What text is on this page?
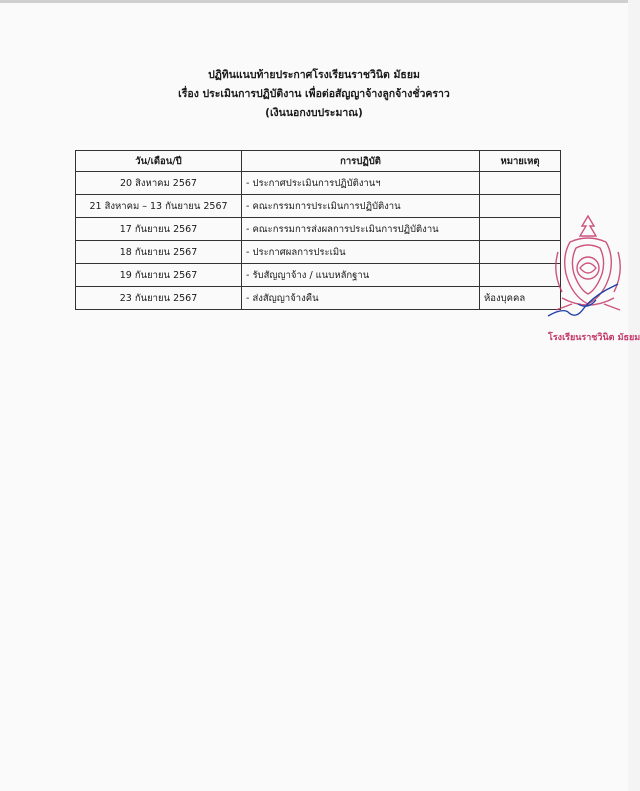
ปฏิทินแนบท้ายประกาศโรงเรียนราชวินิต มัธยม
เรื่อง ประเมินการปฏิบัติงาน เพื่อต่อสัญญาจ้างลูกจ้างชั่วคราว
(เงินนอกงบประมาณ)
วัน/เดือน/ปี	การปฏิบัติ	หมายเหตุ
20 สิงหาคม 2567	- ประกาศประเมินการปฏิบัติงานฯ	
21 สิงหาคม – 13 กันยายน 2567	- คณะกรรมการประเมินการปฏิบัติงาน	
17 กันยายน 2567	- คณะกรรมการส่งผลการประเมินการปฏิบัติงาน	
18 กันยายน 2567	- ประกาศผลการประเมิน	
19 กันยายน 2567	- รับสัญญาจ้าง / แนบหลักฐาน	
23 กันยายน 2567	- ส่งสัญญาจ้างคืน	ห้องบุคคล
โรงเรียนราชวินิต มัธยม
